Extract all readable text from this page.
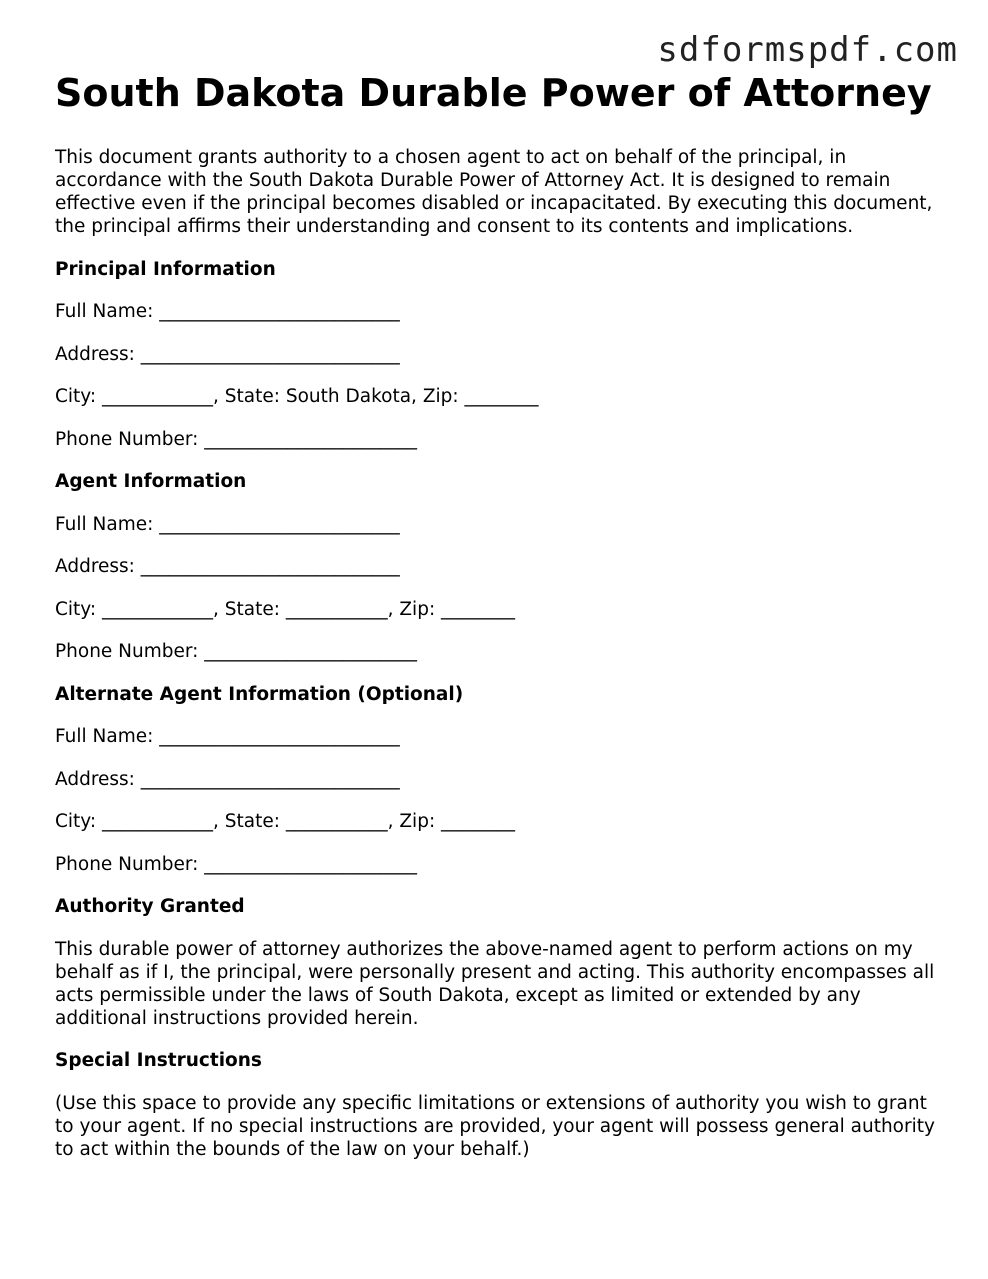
sdformspdf.com
South Dakota Durable Power of Attorney

This document grants authority to a chosen agent to act on behalf of the principal, in accordance with the South Dakota Durable Power of Attorney Act. It is designed to remain effective even if the principal becomes disabled or incapacitated. By executing this document, the principal affirms their understanding and consent to its contents and implications.

Principal Information

Full Name: __________________________

Address: ____________________________

City: ____________, State: South Dakota, Zip: ________

Phone Number: _______________________

Agent Information

Full Name: __________________________

Address: ____________________________

City: ____________, State: ___________, Zip: ________

Phone Number: _______________________

Alternate Agent Information (Optional)

Full Name: __________________________

Address: ____________________________

City: ____________, State: ___________, Zip: ________

Phone Number: _______________________

Authority Granted

This durable power of attorney authorizes the above-named agent to perform actions on my behalf as if I, the principal, were personally present and acting. This authority encompasses all acts permissible under the laws of South Dakota, except as limited or extended by any additional instructions provided herein.

Special Instructions

(Use this space to provide any specific limitations or extensions of authority you wish to grant to your agent. If no special instructions are provided, your agent will possess general authority to act within the bounds of the law on your behalf.)
